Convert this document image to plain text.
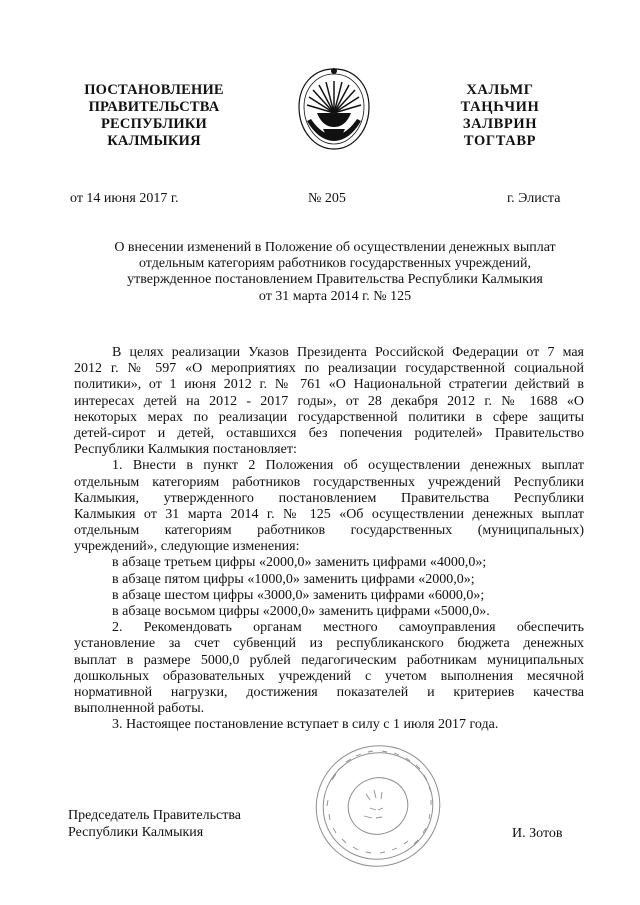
ПОСТАНОВЛЕНИЕ
ПРАВИТЕЛЬСТВА
РЕСПУБЛИКИ
КАЛМЫКИЯ
ХАЛЬМГ
ТАҢҺЧИН
ЗАЛВРИН
ТОГТАВР
от 14 июня 2017 г.	№ 205	г. Элиста
О внесении изменений в Положение об осуществлении денежных выплат
отдельным категориям работников государственных учреждений,
утвержденное постановлением Правительства Республики Калмыкия
от 31 марта 2014 г. № 125
В целях реализации Указов Президента Российской Федерации от 7 мая
2012 г. № 597 «О мероприятиях по реализации государственной социальной
политики», от 1 июня 2012 г. № 761 «О Национальной стратегии действий в
интересах детей на 2012 - 2017 годы», от 28 декабря 2012 г. № 1688 «О
некоторых мерах по реализации государственной политики в сфере защиты
детей-сирот и детей, оставшихся без попечения родителей» Правительство
Республики Калмыкия постановляет:
1. Внести в пункт 2 Положения об осуществлении денежных выплат
отдельным категориям работников государственных учреждений Республики
Калмыкия, утвержденного постановлением Правительства Республики
Калмыкия от 31 марта 2014 г. № 125 «Об осуществлении денежных выплат
отдельным категориям работников государственных (муниципальных)
учреждений», следующие изменения:
в абзаце третьем цифры «2000,0» заменить цифрами «4000,0»;
в абзаце пятом цифры «1000,0» заменить цифрами «2000,0»;
в абзаце шестом цифры «3000,0» заменить цифрами «6000,0»;
в абзаце восьмом цифры «2000,0» заменить цифрами «5000,0».
2. Рекомендовать органам местного самоуправления обеспечить
установление за счет субвенций из республиканского бюджета денежных
выплат в размере 5000,0 рублей педагогическим работникам муниципальных
дошкольных образовательных учреждений с учетом выполнения месячной
нормативной нагрузки, достижения показателей и критериев качества
выполненной работы.
3. Настоящее постановление вступает в силу с 1 июля 2017 года.
Председатель Правительства
Республики Калмыкия	И. Зотов
